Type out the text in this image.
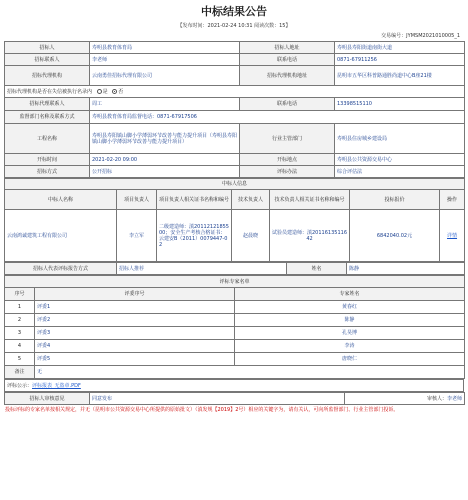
中标结果公告
【发布时间：2021-02-24 10:31 阅读次数：15】
交易编号：JYMSM2021010005_1
招标人	寿明县教育体育局	招标人地址	寿明县寿阳街道南街大道
招标联系人	李老师	联系电话	0871-67911256
招标代理机构	云南勇佳招标代理有限公司	招标代理机构地址	昆明市五华区科普路通胜尚道中心B座21楼
招标代理机构是否在失信被执行名录内 是 否			
招标代理联系人	周工	联系电话	13398515110
监督部门名称及联系方式	寿明县教育体育局监督电话：0871-67917506		
工程名称	寿明县寿阳镇山脚小学薄弱环节改善与能力提升项目（寿明县寿阳镇山脚小学薄弱环节改善与能力提升项目）	行业主管部门	寿明县住房城乡建设局
开标时间	2021-02-20 09:00	开标地点	寿明县公共资源交易中心
招标方式	公开招标	评标办法	综合评估法
中标人信息						
中标人名称	项目负责人	项目负责人相关证书名称和编号	技术负责人	技术负责人相关证书名称和编号	投标报价	操作
云南鸿诚建筑工程有限公司	李立军	二级建造师：滇2011212185500；安全生产考核合格证书：云建安B（2011）0079447-02	赵晨晓	试验员建造师：滇2011613511642	6842040.02元	详情
招标人代表评标报告方式	招标人推荐	姓名	陈静
评标专家名单		
序号	评委序号	专家姓名
1	评委1	黄春红
2	评委2	陈静
3	评委3	孔昊博
4	评委4	李涛
5	评委5	唐晓仁
备注	无	
评标公示：评标报表_无盗章.PDF
招标人审核意见	同意发布	审核人：李老师
投标评标的专家名单按相关规定，并无（昆明市公共资源交易中心所提供的原始批文）（滇发规【2019】2号）相应的关键字为，请有关认，可向所监督部门、行业主管部门投诉。
